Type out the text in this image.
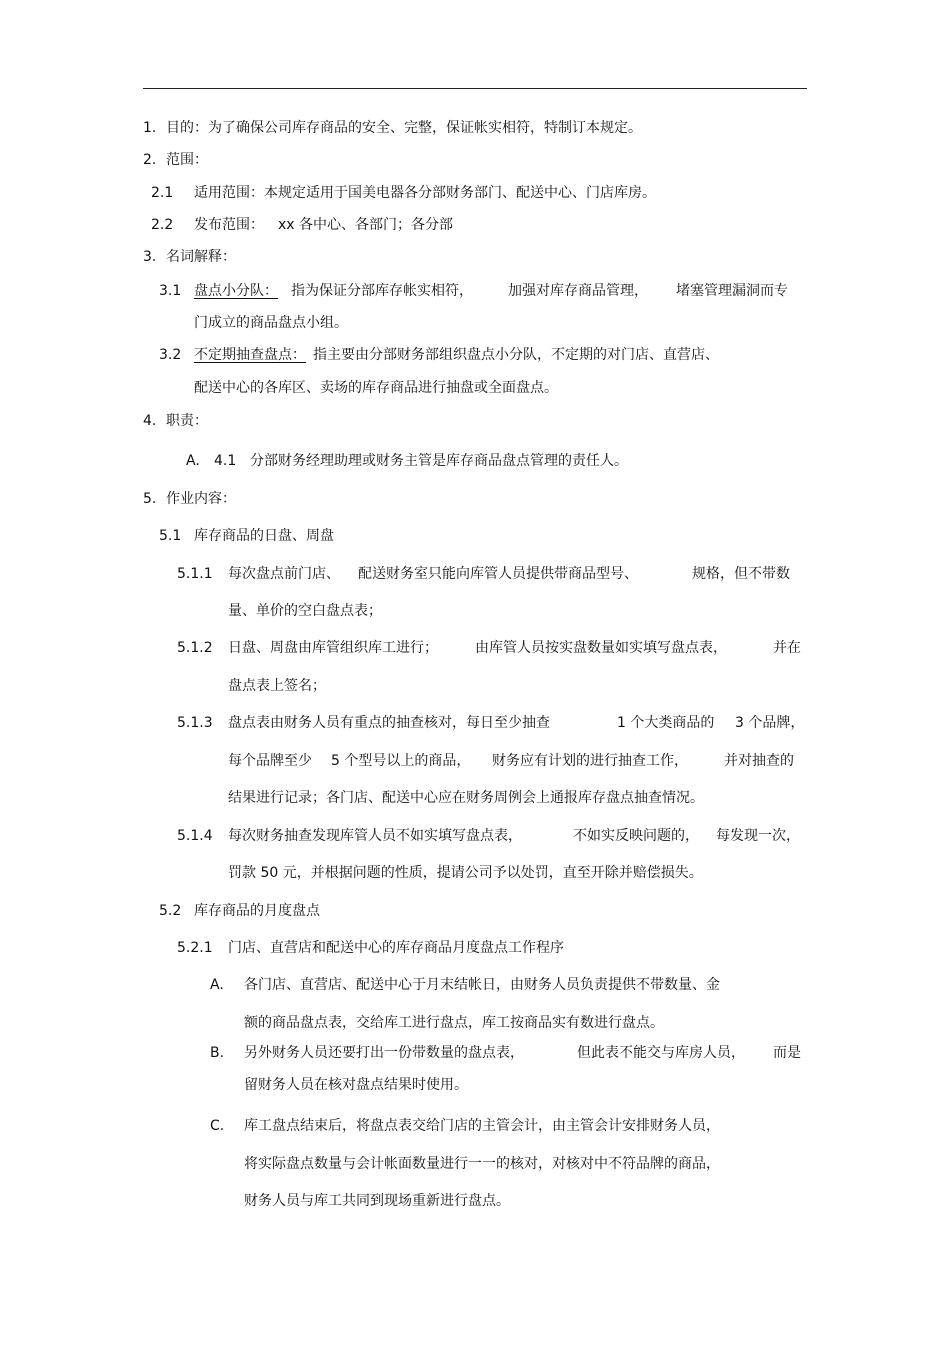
1. 目的：为了确保公司库存商品的安全、完整，保证帐实相符，特制订本规定。
2. 范围：
2.1 适用范围：本规定适用于国美电器各分部财务部门、配送中心、门店库房。
2.2 发布范围： xx 各中心、各部门；各分部
3. 名词解释：
3.1 盘点小分队： 指为保证分部库存帐实相符，	加强对库存商品管理， 堵塞管理漏洞而专
门成立的商品盘点小组。
3.2 不定期抽查盘点： 指主要由分部财务部组织盘点小分队，不定期的对门店、直营店、
配送中心的各库区、卖场的库存商品进行抽盘或全面盘点。
4. 职责：
A. 4.1 分部财务经理助理或财务主管是库存商品盘点管理的责任人。
5. 作业内容：
5.1 库存商品的日盘、周盘
5.1.1 每次盘点前门店、 配送财务室只能向库管人员提供带商品型号、	规格，但不带数
量、单价的空白盘点表；
5.1.2 日盘、周盘由库管组织库工进行；	由库管人员按实盘数量如实填写盘点表，	并在
盘点表上签名；
5.1.3 盘点表由财务人员有重点的抽查核对，每日至少抽查	1 个大类商品的 3 个品牌，
每个品牌至少 5 个型号以上的商品， 财务应有计划的进行抽查工作，	并对抽查的
结果进行记录；各门店、配送中心应在财务周例会上通报库存盘点抽查情况。
5.1.4 每次财务抽查发现库管人员不如实填写盘点表，	不如实反映问题的， 每发现一次，
罚款 50 元，并根据问题的性质，提请公司予以处罚，直至开除并赔偿损失。
5.2 库存商品的月度盘点
5.2.1 门店、直营店和配送中心的库存商品月度盘点工作程序
A. 各门店、直营店、配送中心于月末结帐日，由财务人员负责提供不带数量、金
额的商品盘点表，交给库工进行盘点，库工按商品实有数进行盘点。
B. 另外财务人员还要打出一份带数量的盘点表，	但此表不能交与库房人员， 而是
留财务人员在核对盘点结果时使用。
C. 库工盘点结束后，将盘点表交给门店的主管会计，由主管会计安排财务人员，
将实际盘点数量与会计帐面数量进行一一的核对，对核对中不符品牌的商品，
财务人员与库工共同到现场重新进行盘点。
